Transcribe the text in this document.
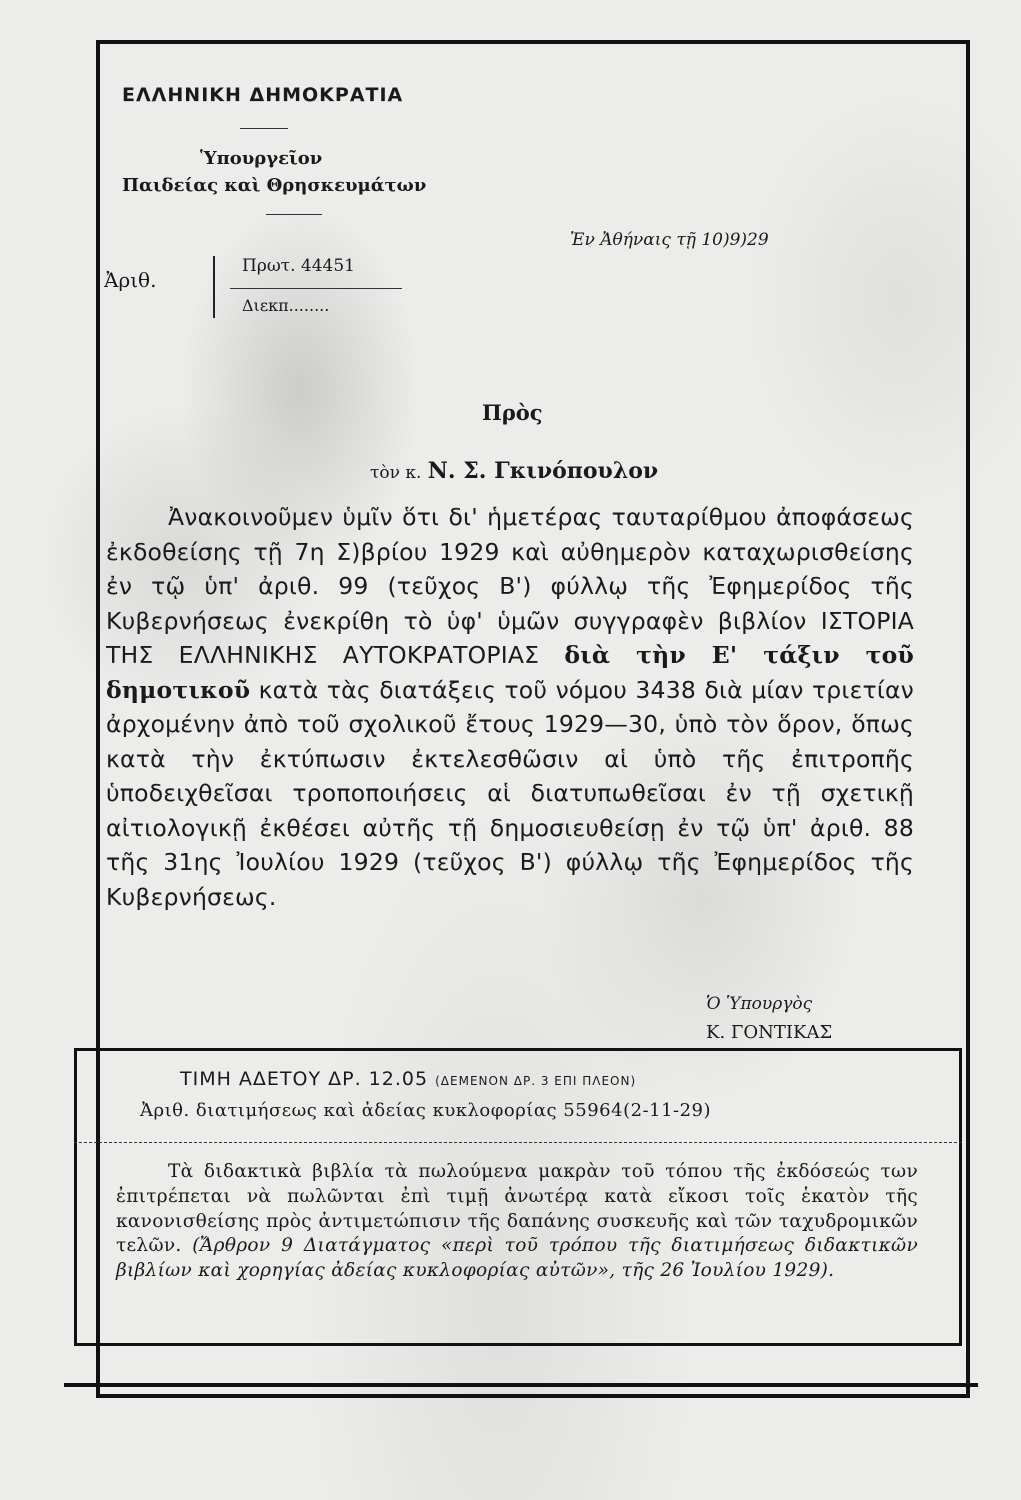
ΕΛΛΗΝΙΚΗ ΔΗΜΟΚΡΑΤΙΑ
Ὑπουργεῖον
Παιδείας καὶ Θρησκευμάτων
Ἐν Ἀθήναις τῇ 10)9)29
Ἀριθ.
Πρωτ. 44451
Διεκπ........
Πρὸς
τὸν κ. Ν. Σ. Γκινόπουλον
Ἀνακοινοῦμεν ὑμῖν ὅτι δι' ἡμετέρας ταυταρίθμου ἀποφάσεως ἐκδοθείσης τῇ 7η Σ)βρίου 1929 καὶ αὐθημερὸν καταχωρισθείσης ἐν τῷ ὑπ' ἀριθ. 99 (τεῦχος Β') φύλλῳ τῆς Ἐφημερίδος τῆς Κυβερνήσεως ἐνεκρίθη τὸ ὑφ' ὑμῶν συγγραφὲν βιβλίον ΙΣΤΟΡΙΑ ΤΗΣ ΕΛΛΗΝΙΚΗΣ ΑΥΤΟΚΡΑΤΟΡΙΑΣ διὰ τὴν Ε' τάξιν τοῦ δημοτικοῦ κατὰ τὰς διατάξεις τοῦ νόμου 3438 διὰ μίαν τριετίαν ἀρχομένην ἀπὸ τοῦ σχολικοῦ ἔτους 1929—30, ὑπὸ τὸν ὅρον, ὅπως κατὰ τὴν ἐκτύπωσιν ἐκτελεσθῶσιν αἱ ὑπὸ τῆς ἐπιτροπῆς ὑποδειχθεῖσαι τροποποιήσεις αἱ διατυπωθεῖσαι ἐν τῇ σχετικῇ αἰτιολογικῇ ἐκθέσει αὐτῆς τῇ δημοσιευθείσῃ ἐν τῷ ὑπ' ἀριθ. 88 τῆς 31ης Ἰουλίου 1929 (τεῦχος Β') φύλλῳ τῆς Ἐφημερίδος τῆς Κυβερνήσεως.
Ὁ Ὑπουργὸς
Κ. ΓΟΝΤΙΚΑΣ
ΤΙΜΗ ΑΔΕΤΟΥ ΔΡ. 12.05 (ΔΕΜΕΝΟΝ ΔΡ. 3 ΕΠΙ ΠΛΕΟΝ)
Ἀριθ. διατιμήσεως καὶ ἀδείας κυκλοφορίας 55964(2-11-29)
Τὰ διδακτικὰ βιβλία τὰ πωλούμενα μακρὰν τοῦ τόπου τῆς ἐκδόσεώς των ἐπιτρέπεται νὰ πωλῶνται ἐπὶ τιμῇ ἀνωτέρᾳ κατὰ εἴκοσι τοῖς ἑκατὸν τῆς κανονισθείσης πρὸς ἀντιμετώπισιν τῆς δαπάνης συσκευῆς καὶ τῶν ταχυδρομικῶν τελῶν. (Ἄρθρον 9 Διατάγματος «περὶ τοῦ τρόπου τῆς διατιμήσεως διδακτικῶν βιβλίων καὶ χορηγίας ἀδείας κυκλοφορίας αὐτῶν», τῆς 26 Ἰουλίου 1929).
